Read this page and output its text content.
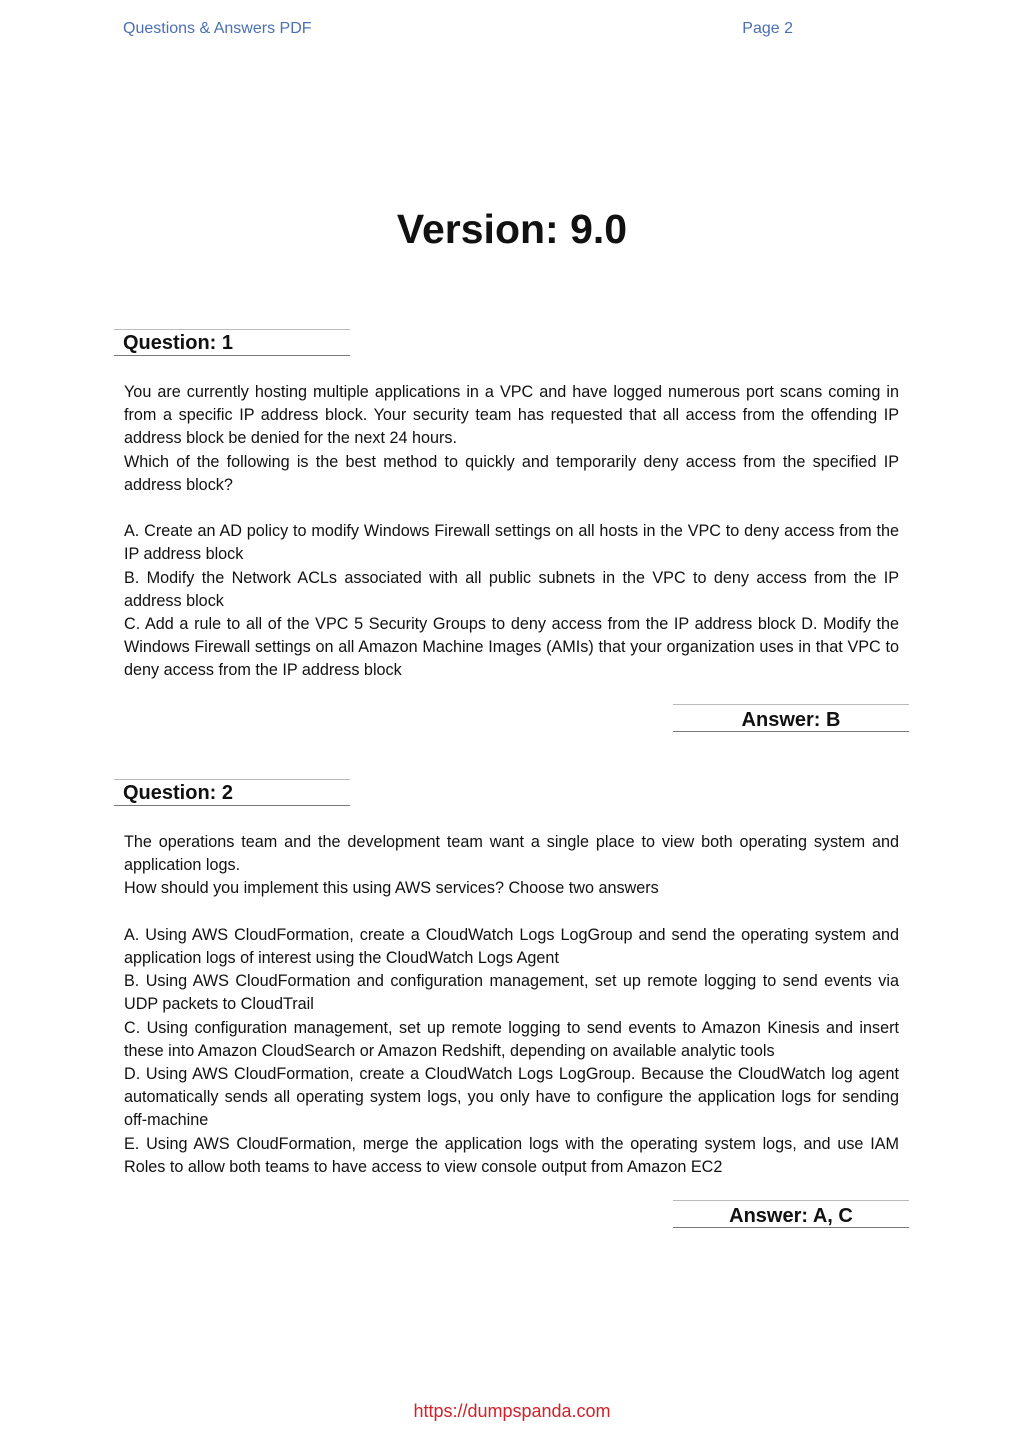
Questions & Answers PDF	Page 2
Version: 9.0
Question: 1

You are currently hosting multiple applications in a VPC and have logged numerous port scans coming in from a specific IP address block. Your security team has requested that all access from the offending IP address block be denied for the next 24 hours.

Which of the following is the best method to quickly and temporarily deny access from the specified IP address block?

A. Create an AD policy to modify Windows Firewall settings on all hosts in the VPC to deny access from the IP address block

B. Modify the Network ACLs associated with all public subnets in the VPC to deny access from the IP address block

C. Add a rule to all of the VPC 5 Security Groups to deny access from the IP address block D. Modify the Windows Firewall settings on all Amazon Machine Images (AMIs) that your organization uses in that VPC to deny access from the IP address block

Answer: B
Question: 2

The operations team and the development team want a single place to view both operating system and application logs.

How should you implement this using AWS services? Choose two answers

A. Using AWS CloudFormation, create a CloudWatch Logs LogGroup and send the operating system and application logs of interest using the CloudWatch Logs Agent

B. Using AWS CloudFormation and configuration management, set up remote logging to send events via UDP packets to CloudTrail

C. Using configuration management, set up remote logging to send events to Amazon Kinesis and insert these into Amazon CloudSearch or Amazon Redshift, depending on available analytic tools

D. Using AWS CloudFormation, create a CloudWatch Logs LogGroup. Because the CloudWatch log agent automatically sends all operating system logs, you only have to configure the application logs for sending off-machine

E. Using AWS CloudFormation, merge the application logs with the operating system logs, and use IAM Roles to allow both teams to have access to view console output from Amazon EC2

Answer: A, C
https://dumpspanda.com
